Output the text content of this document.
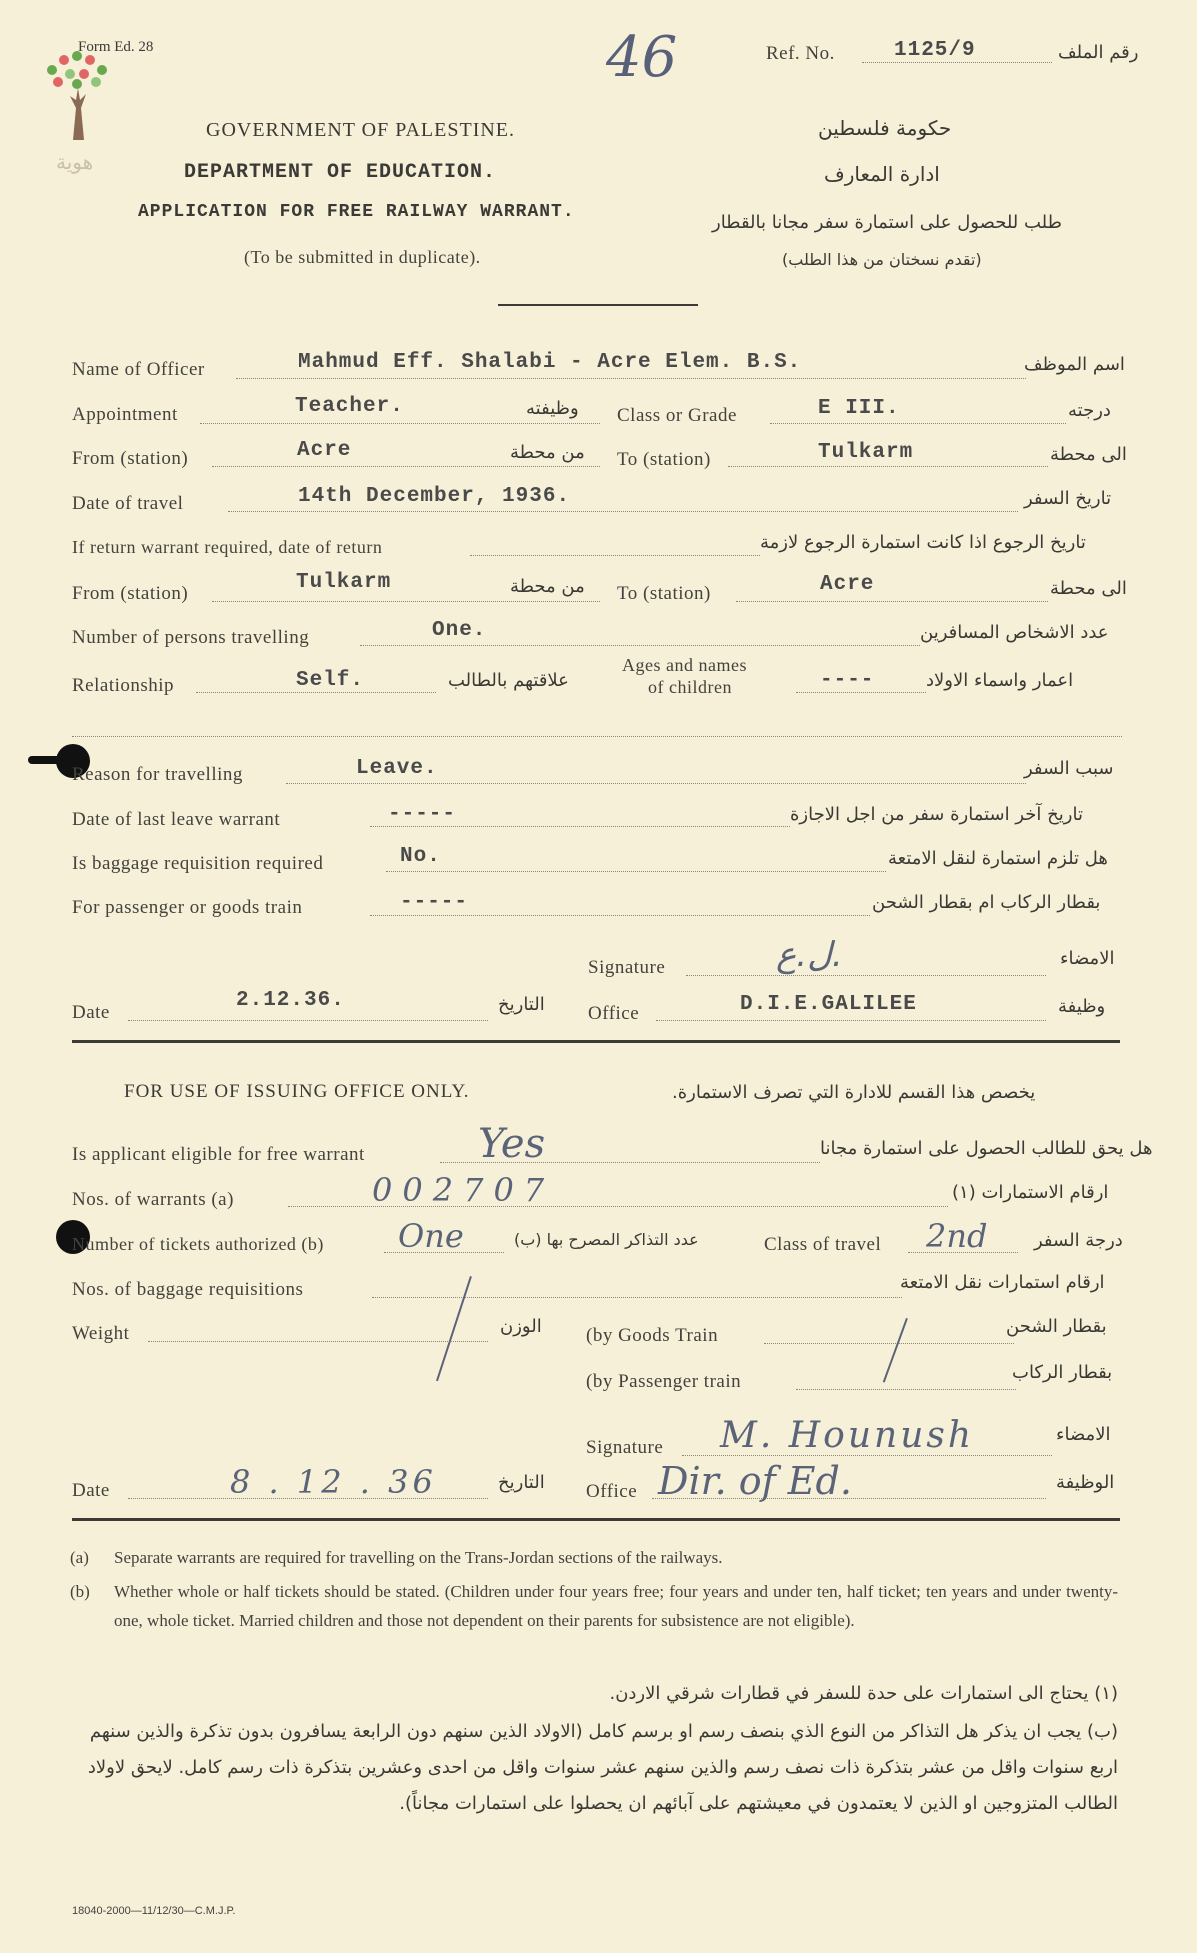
هوية
Form Ed. 28	46	Ref. No.	1125/9	رقم الملف
GOVERNMENT OF PALESTINE.
DEPARTMENT OF EDUCATION.
APPLICATION FOR FREE RAILWAY WARRANT.
(To be submitted in duplicate).
حكومة فلسطين
ادارة المعارف
طلب للحصول على استمارة سفر مجانا بالقطار
(تقدم نسختان من هذا الطلب)
Name of Officer	Mahmud Eff. Shalabi - Acre Elem. B.S.	اسم الموظف
Appointment	Teacher.	وظيفته Class or Grade	E III.	درجته
From (station)	Acre	من محطة To (station)	Tulkarm	الى محطة
Date of travel	14th December, 1936.	تاريخ السفر
If return warrant required, date of return	تاريخ الرجوع اذا كانت استمارة الرجوع لازمة
From (station)	Tulkarm	من محطة To (station)	Acre	الى محطة
Number of persons travelling	One.	عدد الاشخاص المسافرين
Relationship	Self.	علاقتهم بالطالب
Ages and names
of children	----	اعمار واسماء الاولاد
Reason for travelling	Leave.	سبب السفر
Date of last leave warrant	-----	تاريخ آخر استمارة سفر من اجل الاجازة
Is baggage requisition required	No.	هل تلزم استمارة لنقل الامتعة
For passenger or goods train	-----	بقطار الركاب ام بقطار الشحن
Signature	ل.ع.	الامضاء
Date
2.12.36.	التاريخ Office	D.I.E.GALILEE	وظيفة
FOR USE OF ISSUING OFFICE ONLY.	يخصص هذا القسم للادارة التي تصرف الاستمارة.
Is applicant eligible for free warrant	Yes	هل يحق للطالب الحصول على استمارة مجانا
Nos. of warrants (a)	002707	ارقام الاستمارات (١)
Number of tickets authorized (b) One	عدد التذاكر المصرح بها (ب)	Class of travel 2nd	درجة السفر
Nos. of baggage requisitions	ارقام استمارات نقل الامتعة
Weight	الوزن (by Goods Train	بقطار الشحن
(by Passenger train	بقطار الركاب
Signature M. Hounush	الامضاء
Date	8 . 12 . 36	التاريخ Office Dir. of Ed.	الوظيفة
(a) Separate warrants are required for travelling on the Trans-Jordan sections of the railways.
(b) Whether whole or half tickets should be stated. (Children under four years free; four years and under ten, half ticket; ten years and under twenty-one, whole ticket. Married children and those not dependent on their parents for subsistence are not eligible).
(١) يحتاج الى استمارات على حدة للسفر في قطارات شرقي الاردن.
(ب) يجب ان يذكر هل التذاكر من النوع الذي بنصف رسم او برسم كامل (الاولاد الذين سنهم دون الرابعة يسافرون بدون تذكرة والذين سنهم اربع سنوات واقل من عشر بتذكرة ذات نصف رسم والذين سنهم عشر سنوات واقل من احدى وعشرين بتذكرة ذات رسم كامل. لايحق لاولاد الطالب المتزوجين او الذين لا يعتمدون في معيشتهم على آبائهم ان يحصلوا على استمارات مجاناً).
18040-2000—11/12/30—C.M.J.P.
